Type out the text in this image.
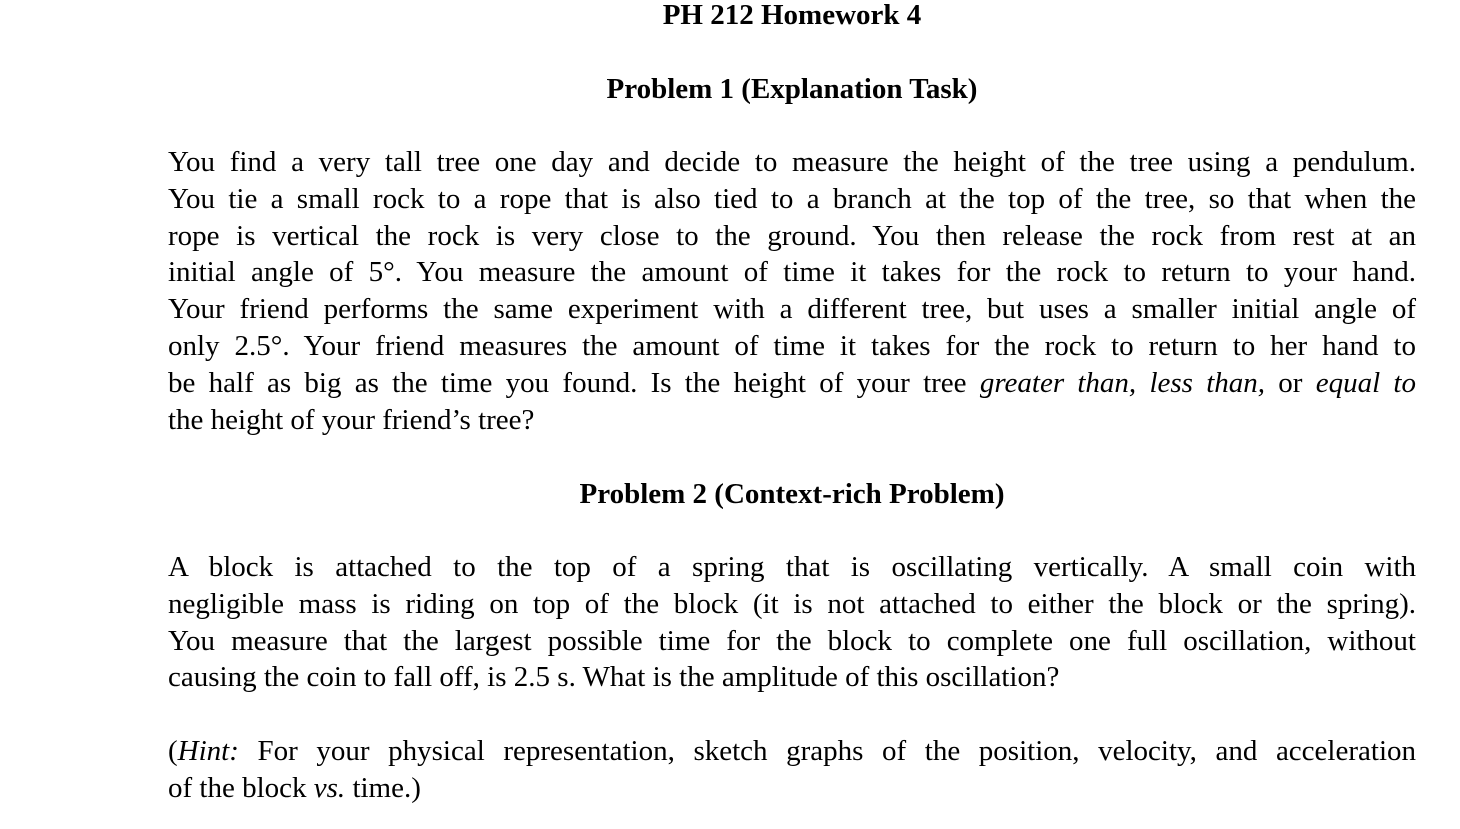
PH 212 Homework 4
Problem 1 (Explanation Task)
You find a very tall tree one day and decide to measure the height of the tree using a pendulum.
You tie a small rock to a rope that is also tied to a branch at the top of the tree, so that when the
rope is vertical the rock is very close to the ground. You then release the rock from rest at an
initial angle of 5°. You measure the amount of time it takes for the rock to return to your hand.
Your friend performs the same experiment with a different tree, but uses a smaller initial angle of
only 2.5°. Your friend measures the amount of time it takes for the rock to return to her hand to
be half as big as the time you found. Is the height of your tree greater than, less than, or equal to
the height of your friend’s tree?
Problem 2 (Context-rich Problem)
A block is attached to the top of a spring that is oscillating vertically. A small coin with
negligible mass is riding on top of the block (it is not attached to either the block or the spring).
You measure that the largest possible time for the block to complete one full oscillation, without
causing the coin to fall off, is 2.5 s. What is the amplitude of this oscillation?
(Hint: For your physical representation, sketch graphs of the position, velocity, and acceleration
of the block vs. time.)
